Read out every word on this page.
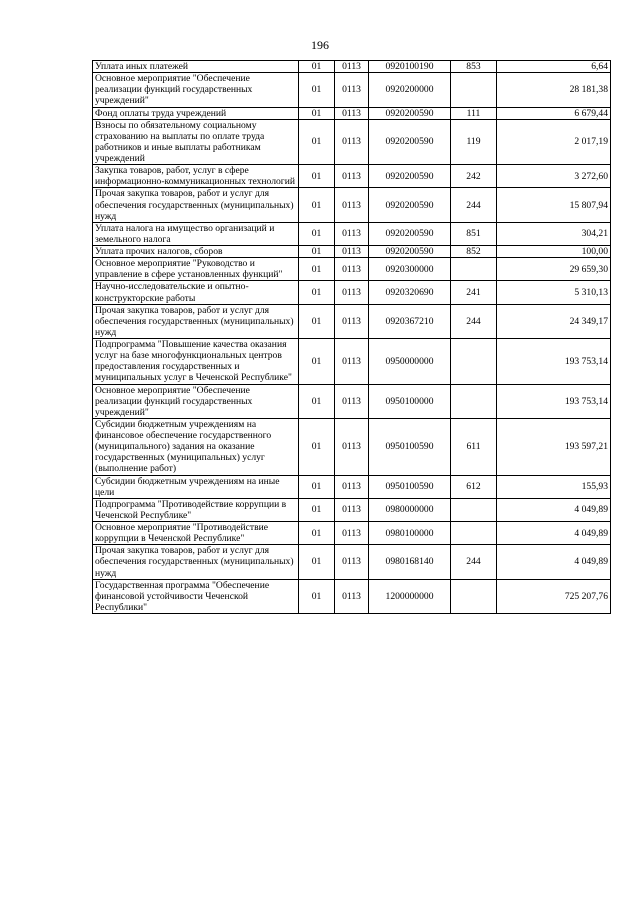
196
Уплата иных платежей	01	0113	0920100190	853	6,64
Основное мероприятие "Обеспечение реализации функций государственных учреждений"	01	0113	0920200000		28 181,38
Фонд оплаты труда учреждений	01	0113	0920200590	111	6 679,44
Взносы по обязательному социальному страхованию на выплаты по оплате труда работников и иные выплаты работникам учреждений	01	0113	0920200590	119	2 017,19
Закупка товаров, работ, услуг в сфере информационно-коммуникационных технологий	01	0113	0920200590	242	3 272,60
Прочая закупка товаров, работ и услуг для обеспечения государственных (муниципальных) нужд	01	0113	0920200590	244	15 807,94
Уплата налога на имущество организаций и земельного налога	01	0113	0920200590	851	304,21
Уплата прочих налогов, сборов	01	0113	0920200590	852	100,00
Основное мероприятие "Руководство и управление в сфере установленных функций"	01	0113	0920300000		29 659,30
Научно-исследовательские и опытно-конструкторские работы	01	0113	0920320690	241	5 310,13
Прочая закупка товаров, работ и услуг для обеспечения государственных (муниципальных) нужд	01	0113	0920367210	244	24 349,17
Подпрограмма "Повышение качества оказания услуг на базе многофункциональных центров предоставления государственных и муниципальных услуг в Чеченской Республике"	01	0113	0950000000		193 753,14
Основное мероприятие "Обеспечение реализации функций государственных учреждений"	01	0113	0950100000		193 753,14
Субсидии бюджетным учреждениям на финансовое обеспечение государственного (муниципального) задания на оказание государственных (муниципальных) услуг (выполнение работ)	01	0113	0950100590	611	193 597,21
Субсидии бюджетным учреждениям на иные цели	01	0113	0950100590	612	155,93
Подпрограмма "Противодействие коррупции в Чеченской Республике"	01	0113	0980000000		4 049,89
Основное мероприятие "Противодействие коррупции в Чеченской Республике"	01	0113	0980100000		4 049,89
Прочая закупка товаров, работ и услуг для обеспечения государственных (муниципальных) нужд	01	0113	0980168140	244	4 049,89
Государственная программа "Обеспечение финансовой устойчивости Чеченской Республики"	01	0113	1200000000		725 207,76
